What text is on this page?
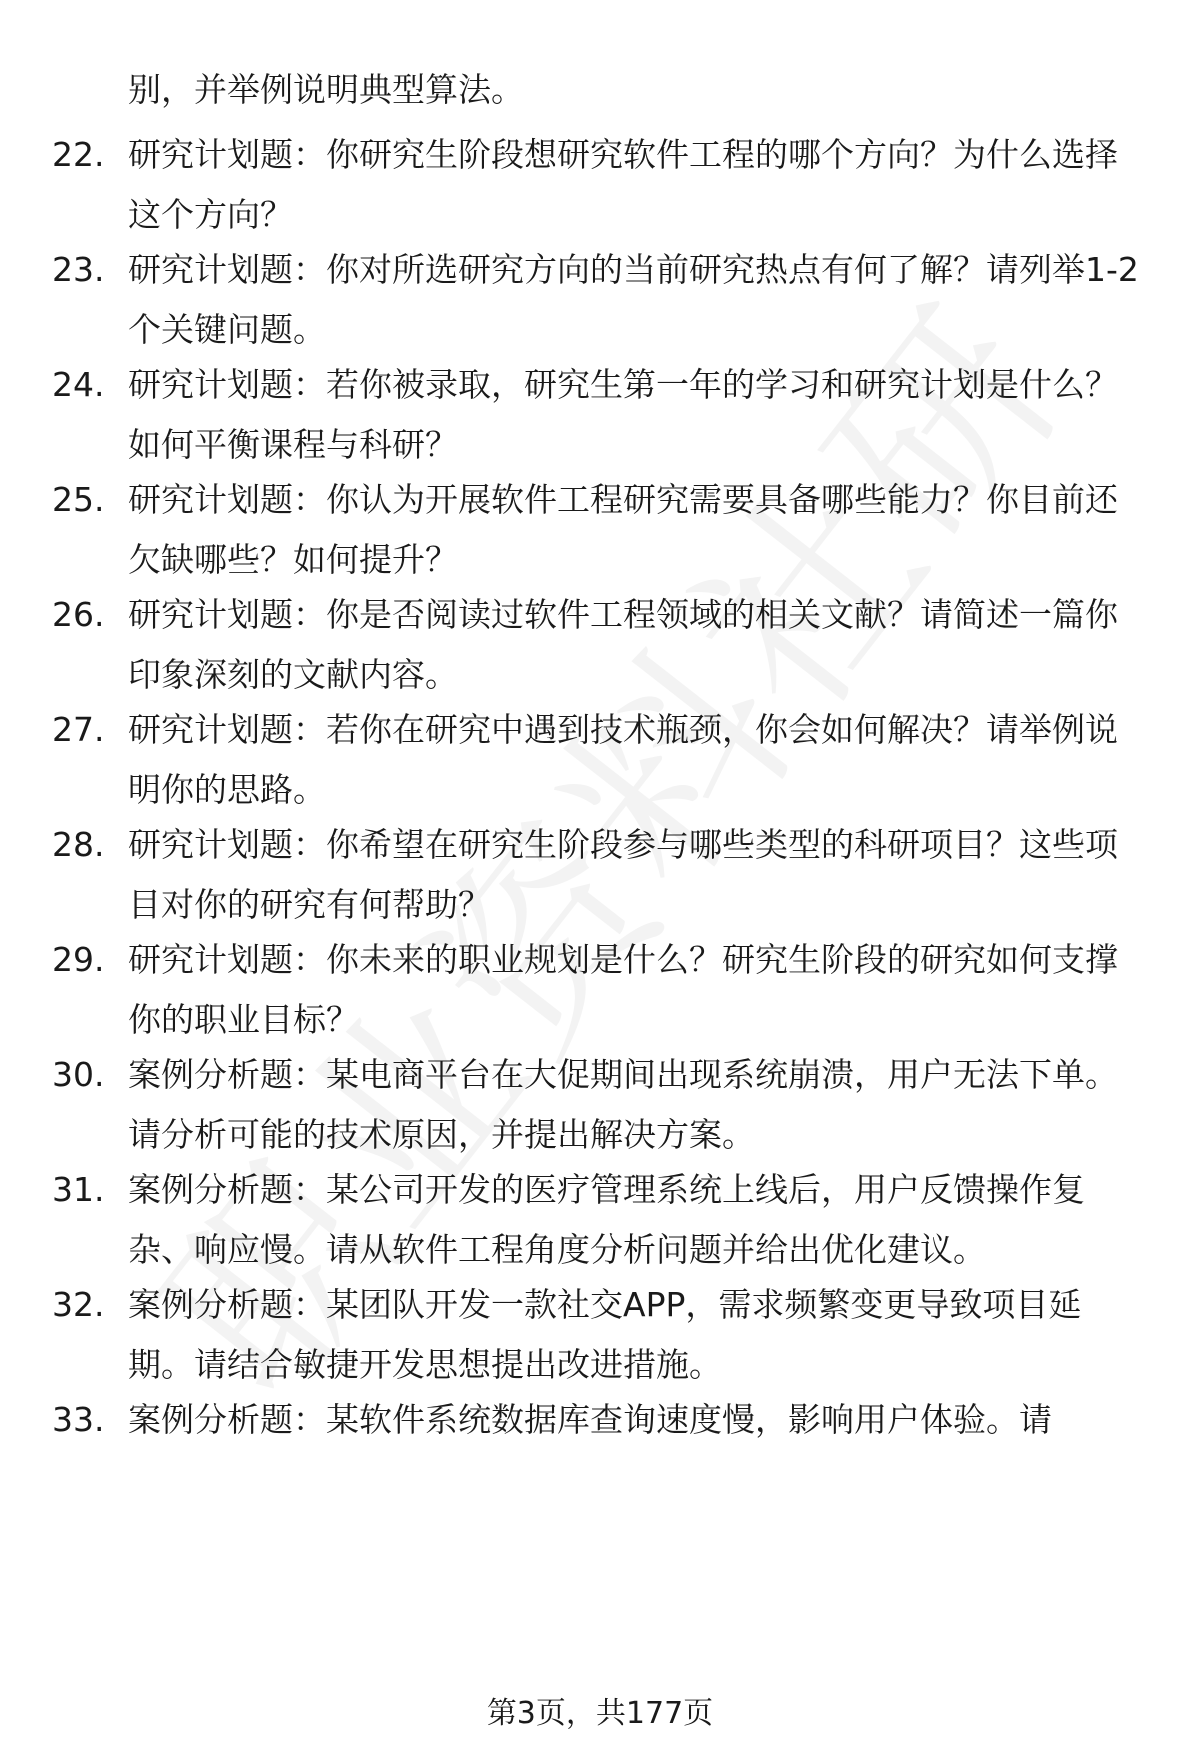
别，并举例说明典型算法。
22. 研究计划题：你研究生阶段想研究软件工程的哪个方向？为什么选择这个方向？
23. 研究计划题：你对所选研究方向的当前研究热点有何了解？请列举1-2个关键问题。
24. 研究计划题：若你被录取，研究生第一年的学习和研究计划是什么？如何平衡课程与科研？
25. 研究计划题：你认为开展软件工程研究需要具备哪些能力？你目前还欠缺哪些？如何提升？
26. 研究计划题：你是否阅读过软件工程领域的相关文献？请简述一篇你印象深刻的文献内容。
27. 研究计划题：若你在研究中遇到技术瓶颈，你会如何解决？请举例说明你的思路。
28. 研究计划题：你希望在研究生阶段参与哪些类型的科研项目？这些项目对你的研究有何帮助？
29. 研究计划题：你未来的职业规划是什么？研究生阶段的研究如何支撑你的职业目标？
30. 案例分析题：某电商平台在大促期间出现系统崩溃，用户无法下单。请分析可能的技术原因，并提出解决方案。
31. 案例分析题：某公司开发的医疗管理系统上线后，用户反馈操作复杂、响应慢。请从软件工程角度分析问题并给出优化建议。
32. 案例分析题：某团队开发一款社交APP，需求频繁变更导致项目延期。请结合敏捷开发思想提出改进措施。
33. 案例分析题：某软件系统数据库查询速度慢，影响用户体验。请
第3页，共177页
